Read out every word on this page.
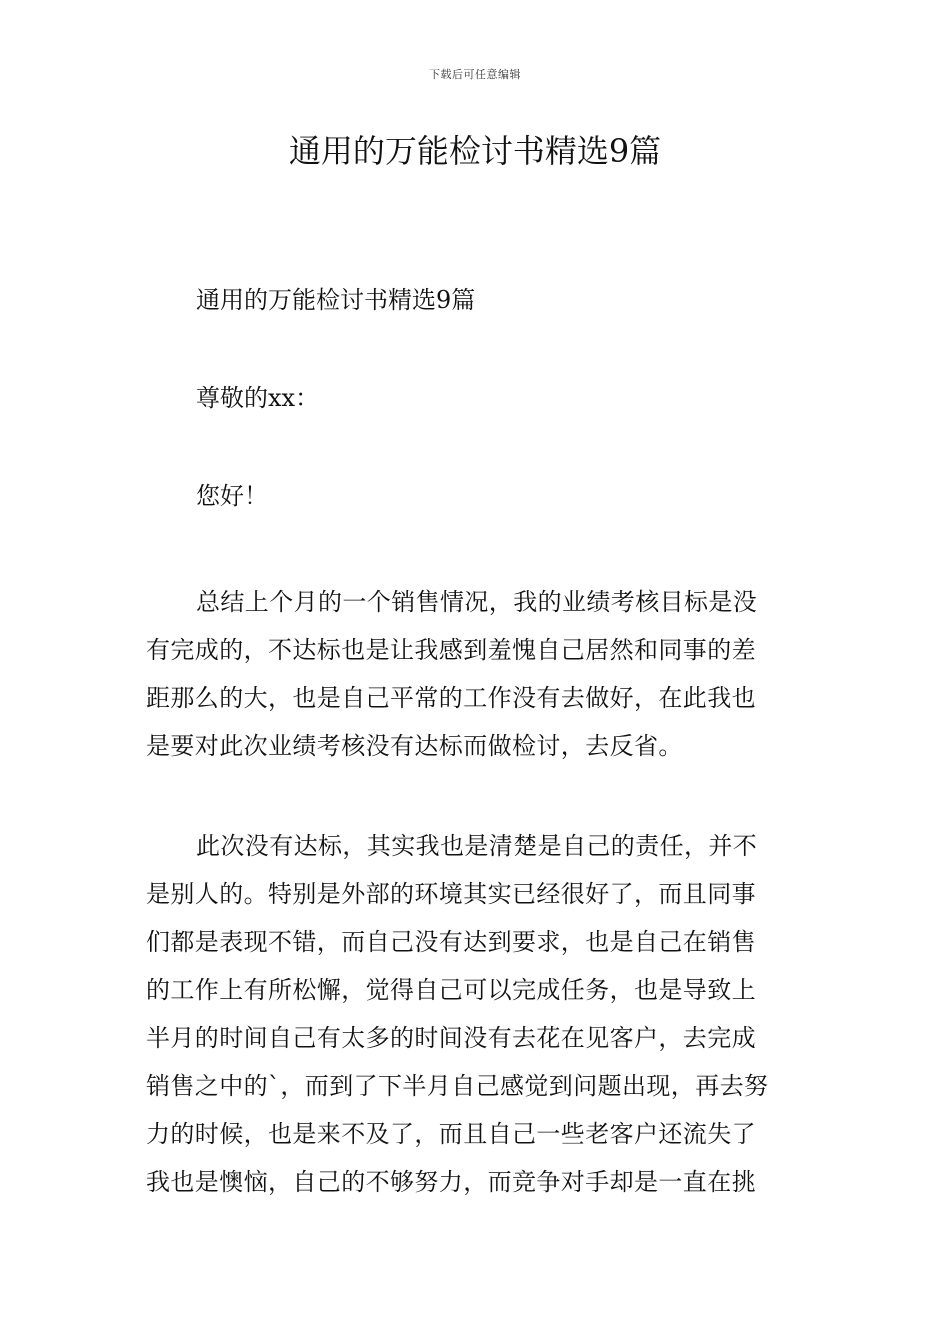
下载后可任意编辑
通用的万能检讨书精选9篇

通用的万能检讨书精选9篇

尊敬的xx：

您好！

总结上个月的一个销售情况，我的业绩考核目标是没
有完成的，不达标也是让我感到羞愧自己居然和同事的差
距那么的大，也是自己平常的工作没有去做好，在此我也
是要对此次业绩考核没有达标而做检讨，去反省。
此次没有达标，其实我也是清楚是自己的责任，并不
是别人的。特别是外部的环境其实已经很好了，而且同事
们都是表现不错，而自己没有达到要求，也是自己在销售
的工作上有所松懈，觉得自己可以完成任务，也是导致上
半月的时间自己有太多的时间没有去花在见客户，去完成
销售之中的`，而到了下半月自己感觉到问题出现，再去努
力的时候，也是来不及了，而且自己一些老客户还流失了
我也是懊恼，自己的不够努力，而竞争对手却是一直在挑
